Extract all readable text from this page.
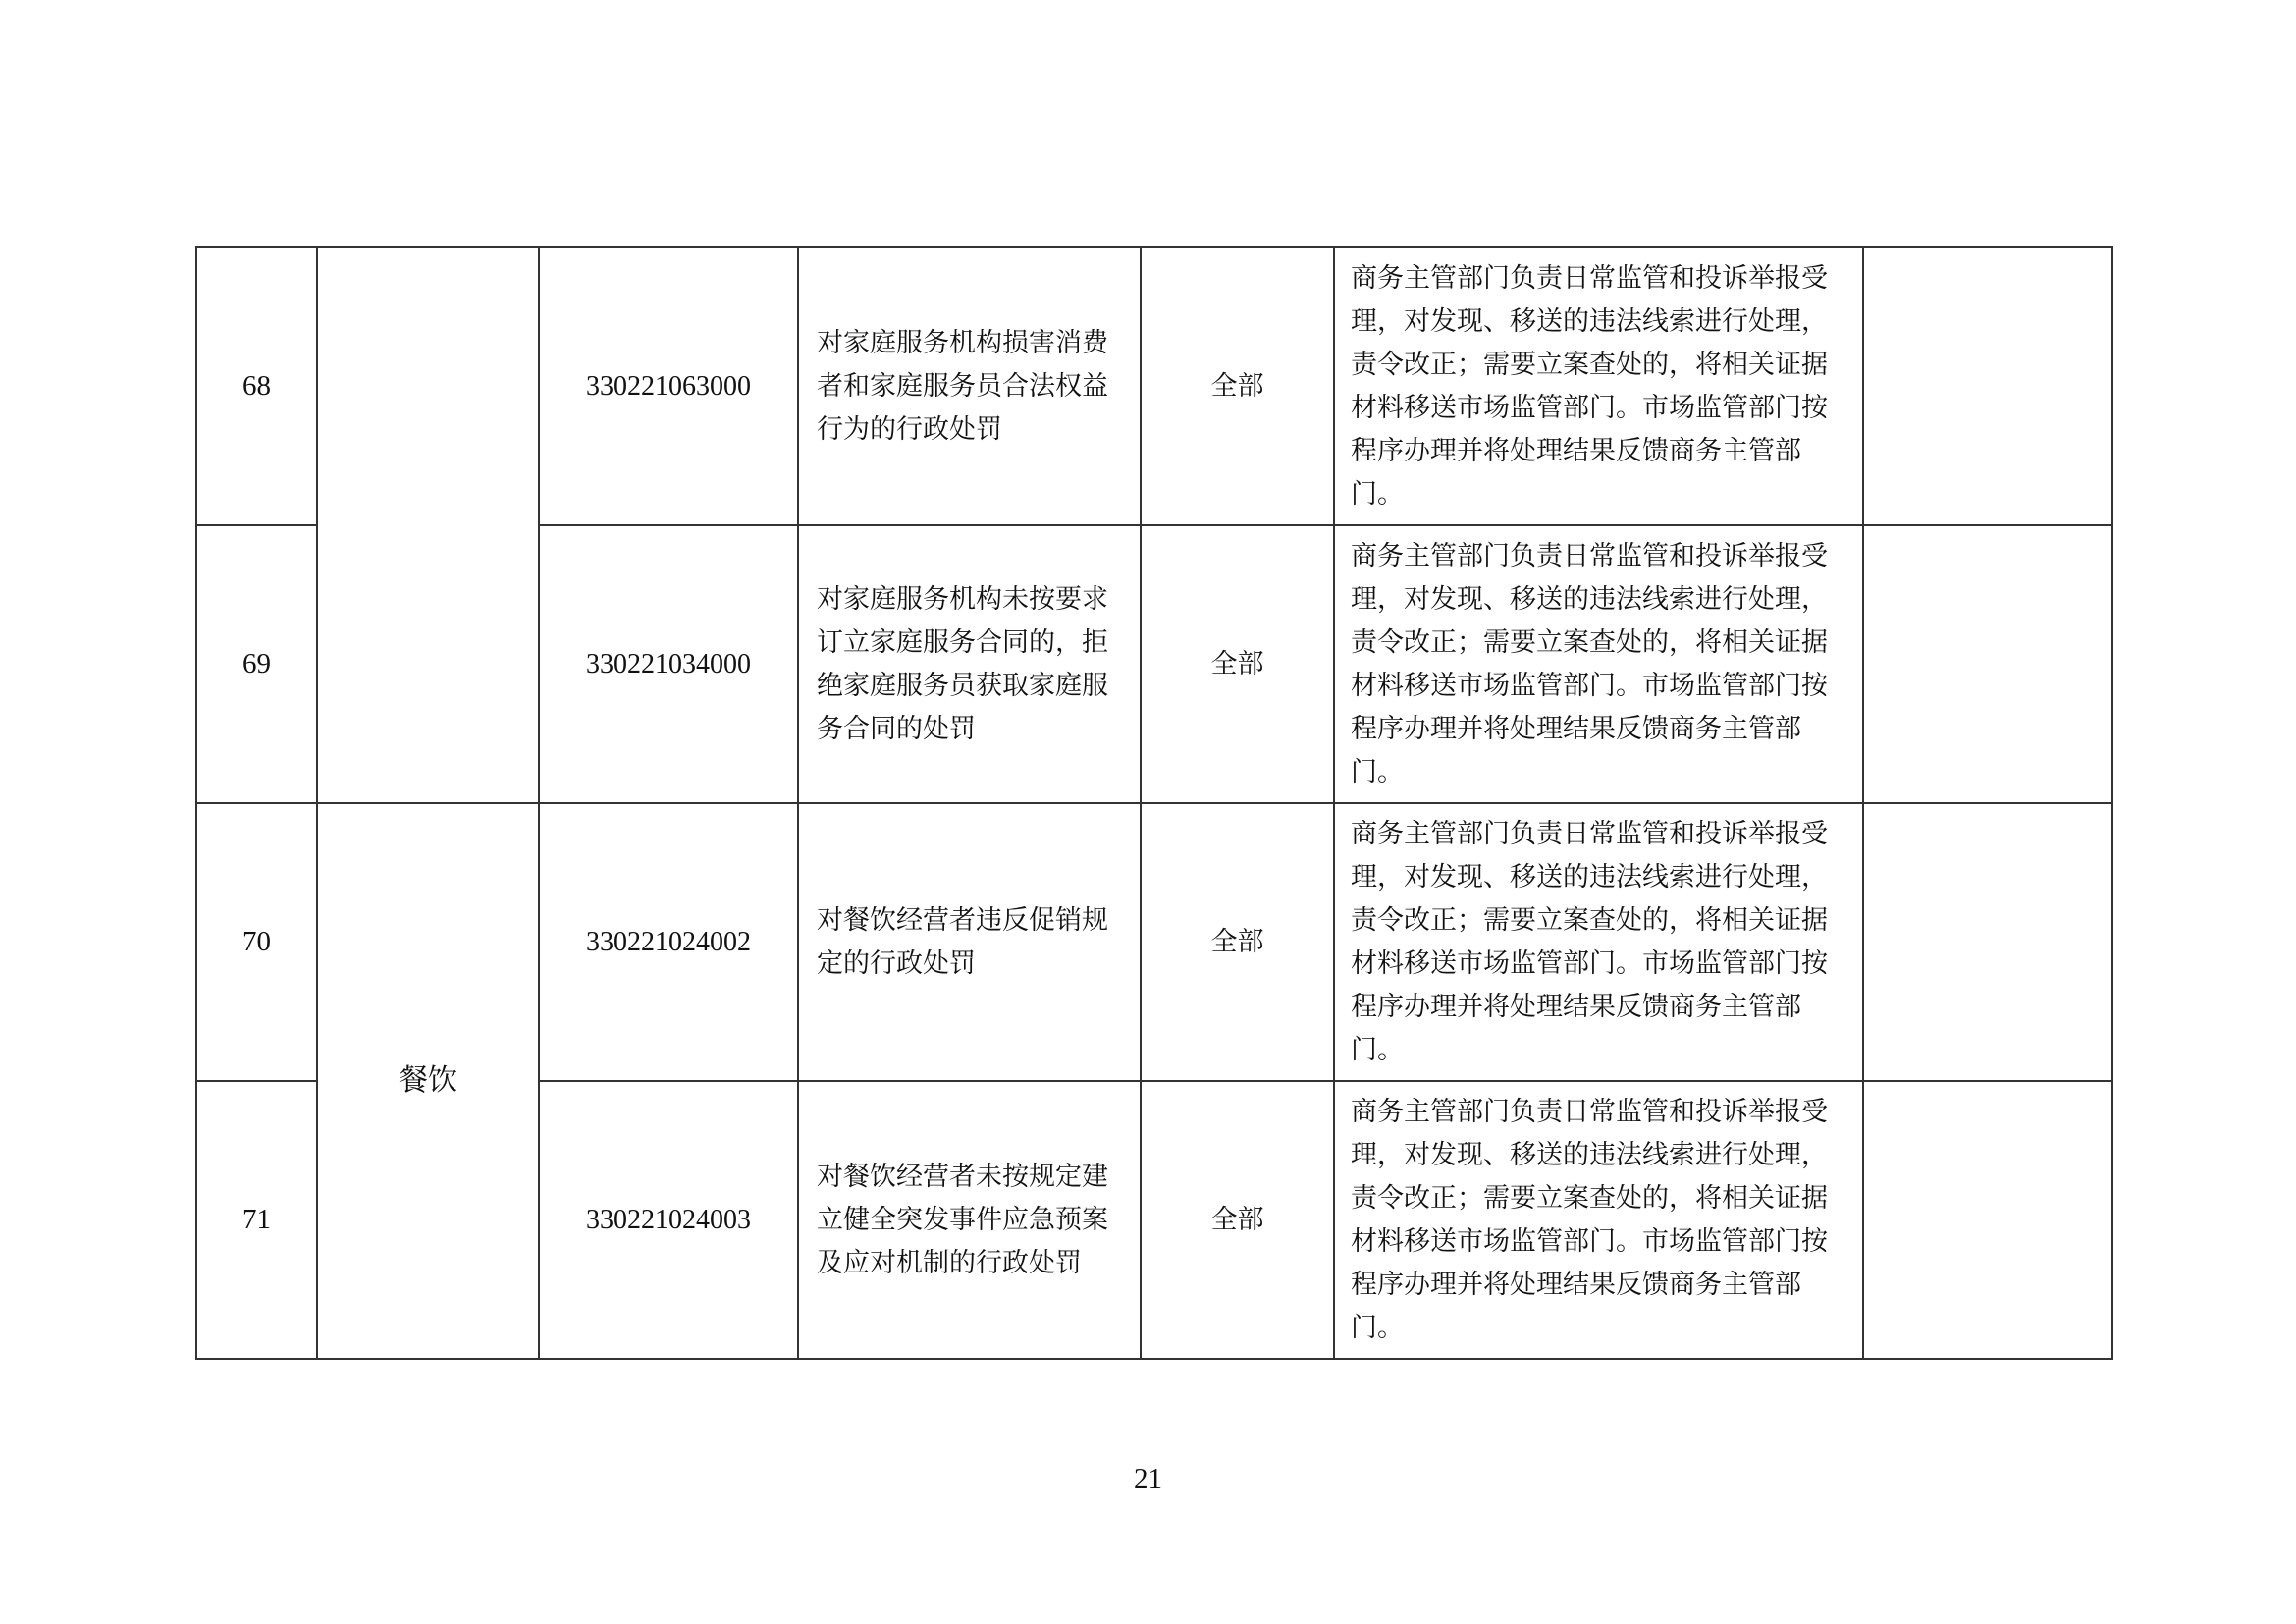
68		330221063000	对家庭服务机构损害消费者和家庭服务员合法权益行为的行政处罚	全部	商务主管部门负责日常监管和投诉举报受理，对发现、移送的违法线索进行处理，责令改正；需要立案查处的，将相关证据材料移送市场监管部门。市场监管部门按程序办理并将处理结果反馈商务主管部门。	
69		330221034000	对家庭服务机构未按要求订立家庭服务合同的，拒绝家庭服务员获取家庭服务合同的处罚	全部	商务主管部门负责日常监管和投诉举报受理，对发现、移送的违法线索进行处理，责令改正；需要立案查处的，将相关证据材料移送市场监管部门。市场监管部门按程序办理并将处理结果反馈商务主管部门。	
70	餐饮	330221024002	对餐饮经营者违反促销规定的行政处罚	全部	商务主管部门负责日常监管和投诉举报受理，对发现、移送的违法线索进行处理，责令改正；需要立案查处的，将相关证据材料移送市场监管部门。市场监管部门按程序办理并将处理结果反馈商务主管部门。	
71		330221024003	对餐饮经营者未按规定建立健全突发事件应急预案及应对机制的行政处罚	全部	商务主管部门负责日常监管和投诉举报受理，对发现、移送的违法线索进行处理，责令改正；需要立案查处的，将相关证据材料移送市场监管部门。市场监管部门按程序办理并将处理结果反馈商务主管部门。	
21
